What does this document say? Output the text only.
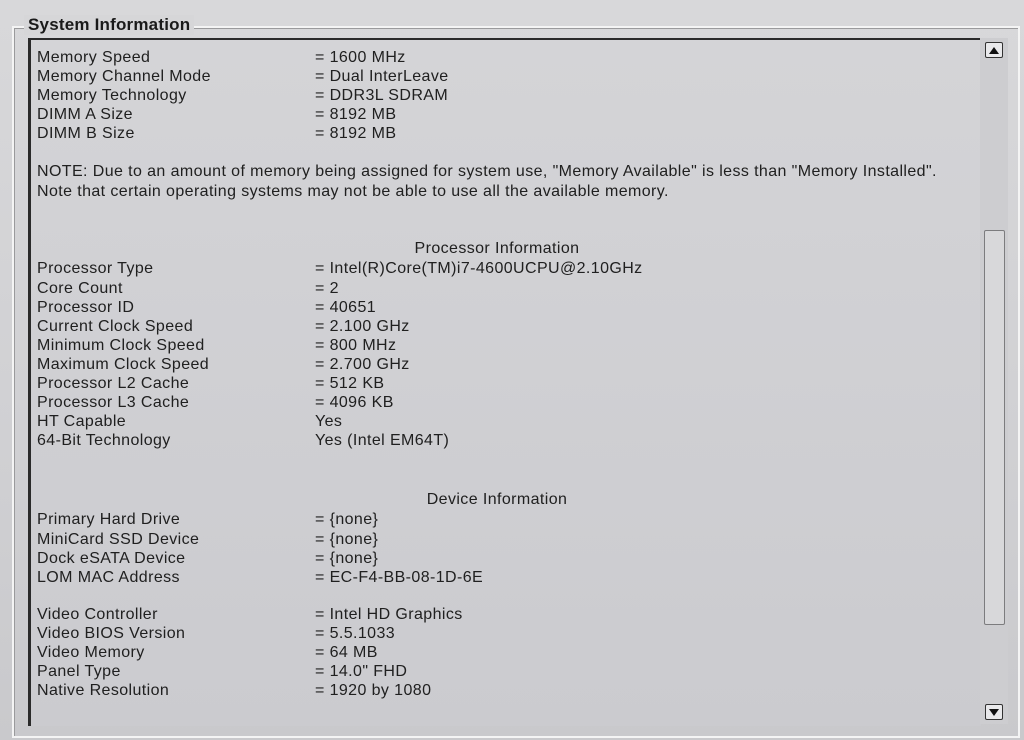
System Information
Memory Speed	= 1600 MHz
Memory Channel Mode	= Dual InterLeave
Memory Technology	= DDR3L SDRAM
DIMM A Size	= 8192 MB
DIMM B Size	= 8192 MB
NOTE: Due to an amount of memory being assigned for system use, "Memory Available" is less than "Memory Installed". Note that certain operating systems may not be able to use all the available memory.
Processor Information
Processor Type	= Intel(R)Core(TM)i7-4600UCPU@2.10GHz
Core Count	= 2
Processor ID	= 40651
Current Clock Speed	= 2.100 GHz
Minimum Clock Speed	= 800 MHz
Maximum Clock Speed	= 2.700 GHz
Processor L2 Cache	= 512 KB
Processor L3 Cache	= 4096 KB
HT Capable	Yes
64-Bit Technology	Yes (Intel EM64T)
Device Information
Primary Hard Drive	= {none}
MiniCard SSD Device	= {none}
Dock eSATA Device	= {none}
LOM MAC Address	= EC-F4-BB-08-1D-6E
Video Controller	= Intel HD Graphics
Video BIOS Version	= 5.5.1033
Video Memory	= 64 MB
Panel Type	= 14.0" FHD
Native Resolution	= 1920 by 1080
